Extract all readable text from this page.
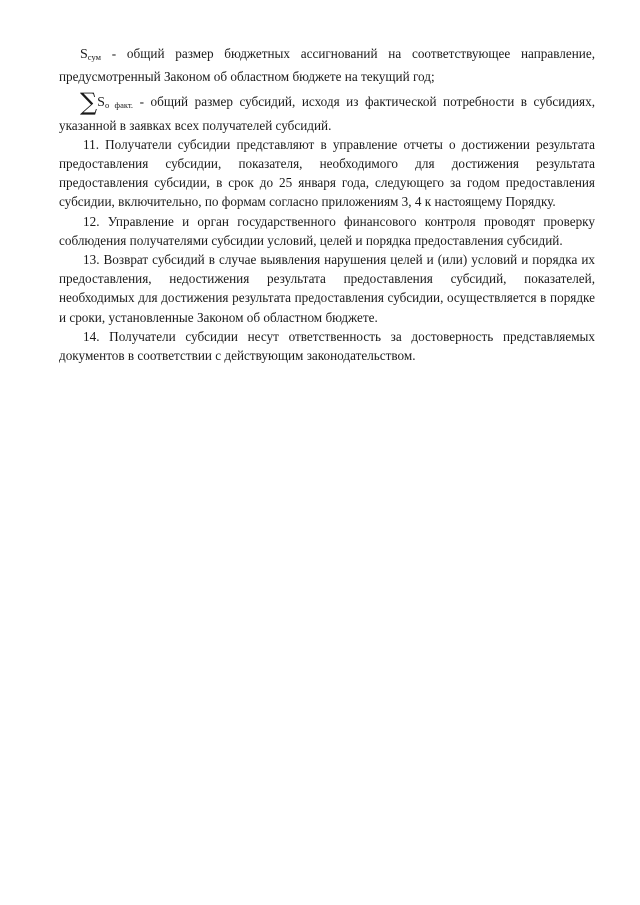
$S_{сум}$ - общий размер бюджетных ассигнований на соответствующее направление, предусмотренный Законом об областном бюджете на текущий год;

$\sum S_{о факт.}$ - общий размер субсидий, исходя из фактической потребности в субсидиях, указанной в заявках всех получателей субсидий.

11. Получатели субсидии представляют в управление отчеты о достижении результата предоставления субсидии, показателя, необходимого для достижения результата предоставления субсидии, в срок до 25 января года, следующего за годом предоставления субсидии, включительно, по формам согласно приложениям 3, 4 к настоящему Порядку.

12. Управление и орган государственного финансового контроля проводят проверку соблюдения получателями субсидии условий, целей и порядка предоставления субсидий.

13. Возврат субсидий в случае выявления нарушения целей и (или) условий и порядка их предоставления, недостижения результата предоставления субсидий, показателей, необходимых для достижения результата предоставления субсидии, осуществляется в порядке и сроки, установленные Законом об областном бюджете.

14. Получатели субсидии несут ответственность за достоверность представляемых документов в соответствии с действующим законодательством.
